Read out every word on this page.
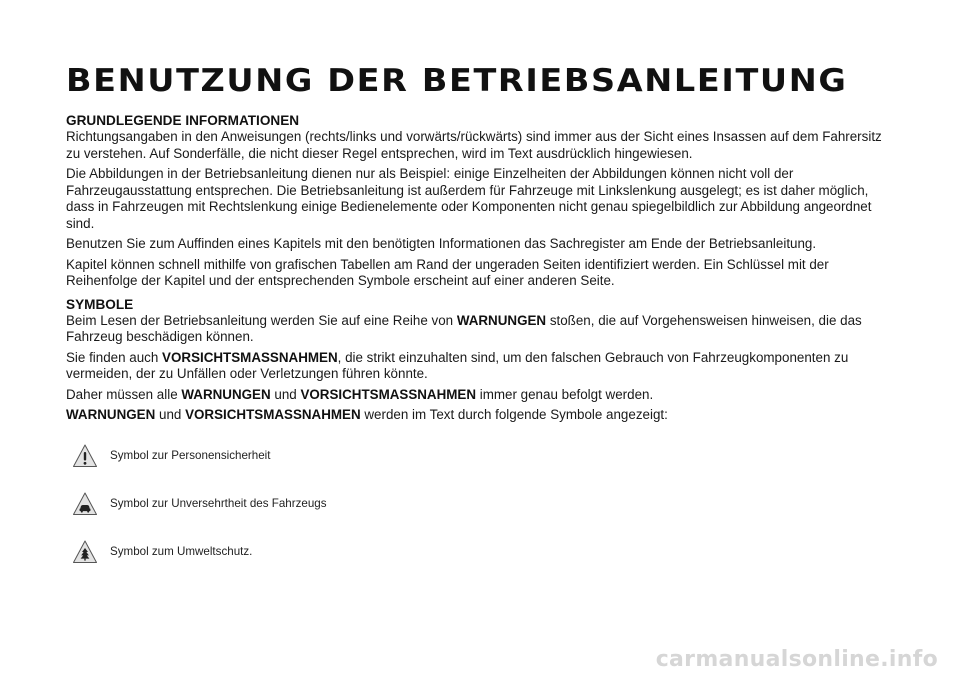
BENUTZUNG DER BETRIEBSANLEITUNG
GRUNDLEGENDE INFORMATIONEN

Richtungsangaben in den Anweisungen (rechts/links und vorwärts/rückwärts) sind immer aus der Sicht eines Insassen auf dem Fahrersitz zu verstehen. Auf Sonderfälle, die nicht dieser Regel entsprechen, wird im Text ausdrücklich hingewiesen.

Die Abbildungen in der Betriebsanleitung dienen nur als Beispiel: einige Einzelheiten der Abbildungen können nicht voll der Fahrzeugausstattung entsprechen. Die Betriebsanleitung ist außerdem für Fahrzeuge mit Linkslenkung ausgelegt; es ist daher möglich, dass in Fahrzeugen mit Rechtslenkung einige Bedienelemente oder Komponenten nicht genau spiegelbildlich zur Abbildung angeordnet sind.

Benutzen Sie zum Auffinden eines Kapitels mit den benötigten Informationen das Sachregister am Ende der Betriebsanleitung.

Kapitel können schnell mithilfe von grafischen Tabellen am Rand der ungeraden Seiten identifiziert werden. Ein Schlüssel mit der Reihenfolge der Kapitel und der entsprechenden Symbole erscheint auf einer anderen Seite.

SYMBOLE

Beim Lesen der Betriebsanleitung werden Sie auf eine Reihe von WARNUNGEN stoßen, die auf Vorgehensweisen hinweisen, die das Fahrzeug beschädigen können.

Sie finden auch VORSICHTSMASSNAHMEN, die strikt einzuhalten sind, um den falschen Gebrauch von Fahrzeugkomponenten zu vermeiden, der zu Unfällen oder Verletzungen führen könnte.

Daher müssen alle WARNUNGEN und VORSICHTSMASSNAHMEN immer genau befolgt werden.

WARNUNGEN und VORSICHTSMASSNAHMEN werden im Text durch folgende Symbole angezeigt:

Symbol zur Personensicherheit
Symbol zur Unversehrtheit des Fahrzeugs
Symbol zum Umweltschutz.
carmanualsonline.info
